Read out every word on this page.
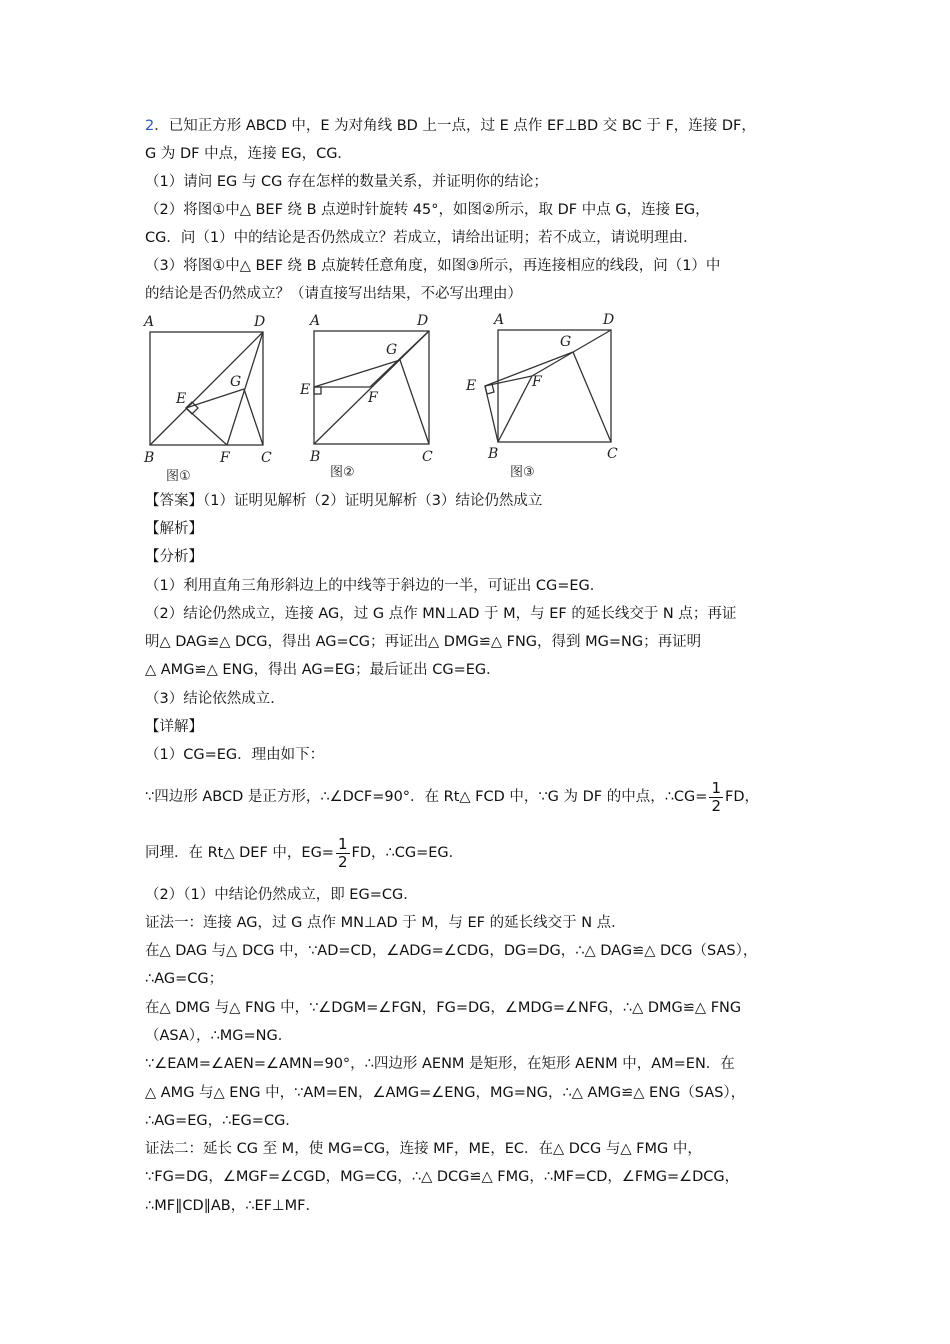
2．已知正方形 ABCD 中，E 为对角线 BD 上一点，过 E 点作 EF⊥BD 交 BC 于 F，连接 DF，
G 为 DF 中点，连接 EG，CG．
（1）请问 EG 与 CG 存在怎样的数量关系，并证明你的结论；
（2）将图①中△ BEF 绕 B 点逆时针旋转 45°，如图②所示，取 DF 中点 G，连接 EG，
CG．问（1）中的结论是否仍然成立？若成立，请给出证明；若不成立，请说明理由．
（3）将图①中△ BEF 绕 B 点旋转任意角度，如图③所示，再连接相应的线段，问（1）中
的结论是否仍然成立？（请直接写出结果，不必写出理由）
A	D
B	C
E
F
G
图①
A	D
B	C
E	F
G
图②
A	D
B	C
E	F
G
图③
【答案】（1）证明见解析（2）证明见解析（3）结论仍然成立
【解析】
【分析】
（1）利用直角三角形斜边上的中线等于斜边的一半，可证出 CG=EG．
（2）结论仍然成立，连接 AG，过 G 点作 MN⊥AD 于 M，与 EF 的延长线交于 N 点；再证
明△ DAG≌△ DCG，得出 AG=CG；再证出△ DMG≌△ FNG，得到 MG=NG；再证明
△ AMG≌△ ENG，得出 AG=EG；最后证出 CG=EG．
（3）结论依然成立．
【详解】
（1）CG=EG．理由如下：
∵四边形 ABCD 是正方形，∴∠DCF=90°．在 Rt△ FCD 中，∵G 为 DF 的中点，∴CG= $\frac{1}{2}$ FD，
同理．在 Rt△ DEF 中，$EG= \frac{1}{2}$ FD，∴CG=EG．
（2）（1）中结论仍然成立，即 EG=CG．
证法一：连接 AG，过 G 点作 MN⊥AD 于 M，与 EF 的延长线交于 N 点．
在△ DAG 与△ DCG 中，∵AD=CD，∠ADG=∠CDG，DG=DG，∴△ DAG≌△ DCG（SAS），
∴AG=CG；
在△ DMG 与△ FNG 中，∵∠DGM=∠FGN，FG=DG，∠MDG=∠NFG，∴△ DMG≌△ FNG
（ASA），∴MG=NG．
∵∠EAM=∠AEN=∠AMN=90°，∴四边形 AENM 是矩形，在矩形 AENM 中，AM=EN．在
△ AMG 与△ ENG 中，∵AM=EN，∠AMG=∠ENG，MG=NG，∴△ AMG≌△ ENG（SAS），
∴AG=EG，∴EG=CG．
证法二：延长 CG 至 M，使 MG=CG，连接 MF，ME，EC．在△ DCG 与△ FMG 中，
∵FG=DG，∠MGF=∠CGD，MG=CG，∴△ DCG≌△ FMG，∴MF=CD，∠FMG=∠DCG，
∴MF∥CD∥AB，∴EF⊥MF．
